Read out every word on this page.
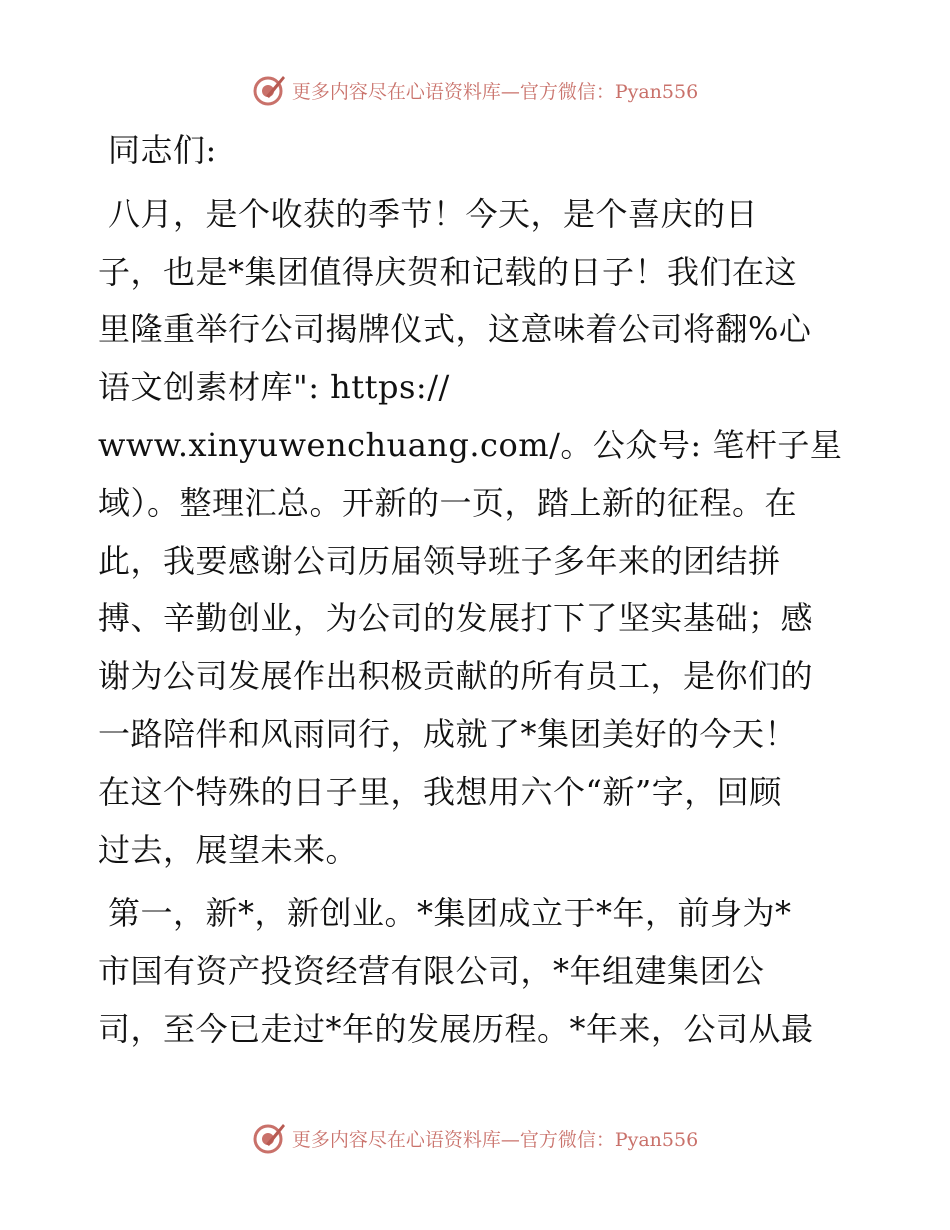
更多内容尽在心语资料库—官方微信：Pyan556
同志们:
八月，是个收获的季节！今天，是个喜庆的日
子，也是*集团值得庆贺和记载的日子！我们在这
里隆重举行公司揭牌仪式，这意味着公司将翻%心
语文创素材库": https://
www.xinyuwenchuang.com/。公众号: 笔杆子星
域）。整理汇总。开新的一页，踏上新的征程。在
此，我要感谢公司历届领导班子多年来的团结拼
搏、辛勤创业，为公司的发展打下了坚实基础；感
谢为公司发展作出积极贡献的所有员工，是你们的
一路陪伴和风雨同行，成就了*集团美好的今天！
在这个特殊的日子里，我想用六个“新”字，回顾
过去，展望未来。
第一，新*，新创业。*集团成立于*年，前身为*
市国有资产投资经营有限公司，*年组建集团公
司，至今已走过*年的发展历程。*年来，公司从最
更多内容尽在心语资料库—官方微信：Pyan556
